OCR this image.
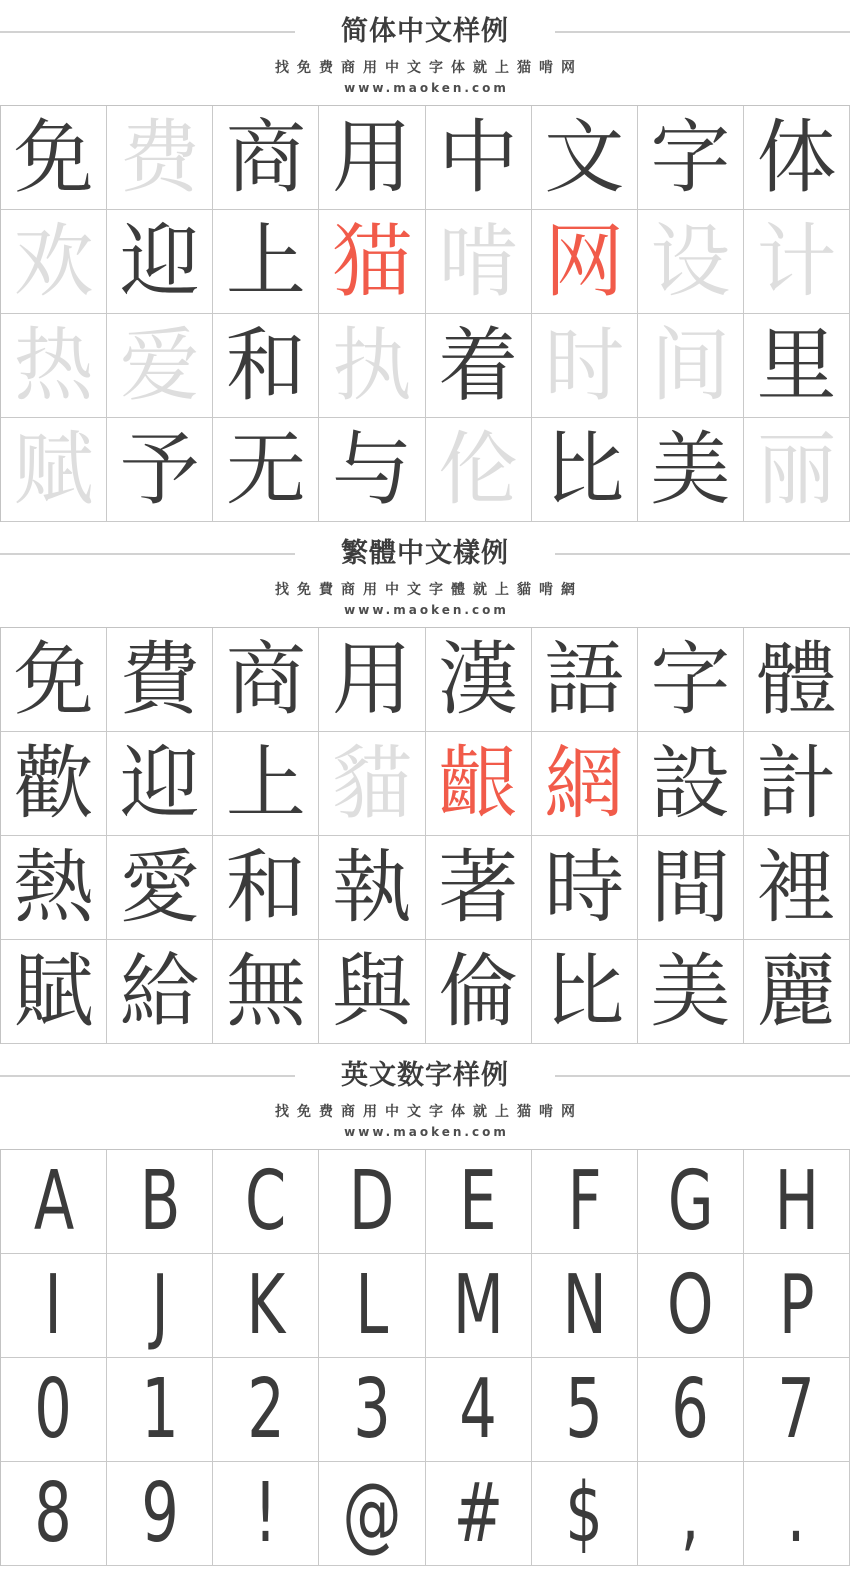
简体中文样例
找免费商用中文字体就上猫啃网
www.maoken.com
免 费 商 用 中 文 字 体
欢 迎 上 猫 啃 网 设 计
热 爱 和 执 着 时 间 里
赋 予 无 与 伦 比 美 丽
繁體中文樣例
找免費商用中文字體就上貓啃網
www.maoken.com
免 費 商 用 漢 語 字 體
歡 迎 上 貓 齦 網 設 計
熱 愛 和 執 著 時 間 裡
賦 給 無 與 倫 比 美 麗
英文数字样例
找免费商用中文字体就上猫啃网
www.maoken.com
A B C D E F G H
I J K L M N O P
0 1 2 3 4 5 6 7
8 9 ! @ # $ , .
